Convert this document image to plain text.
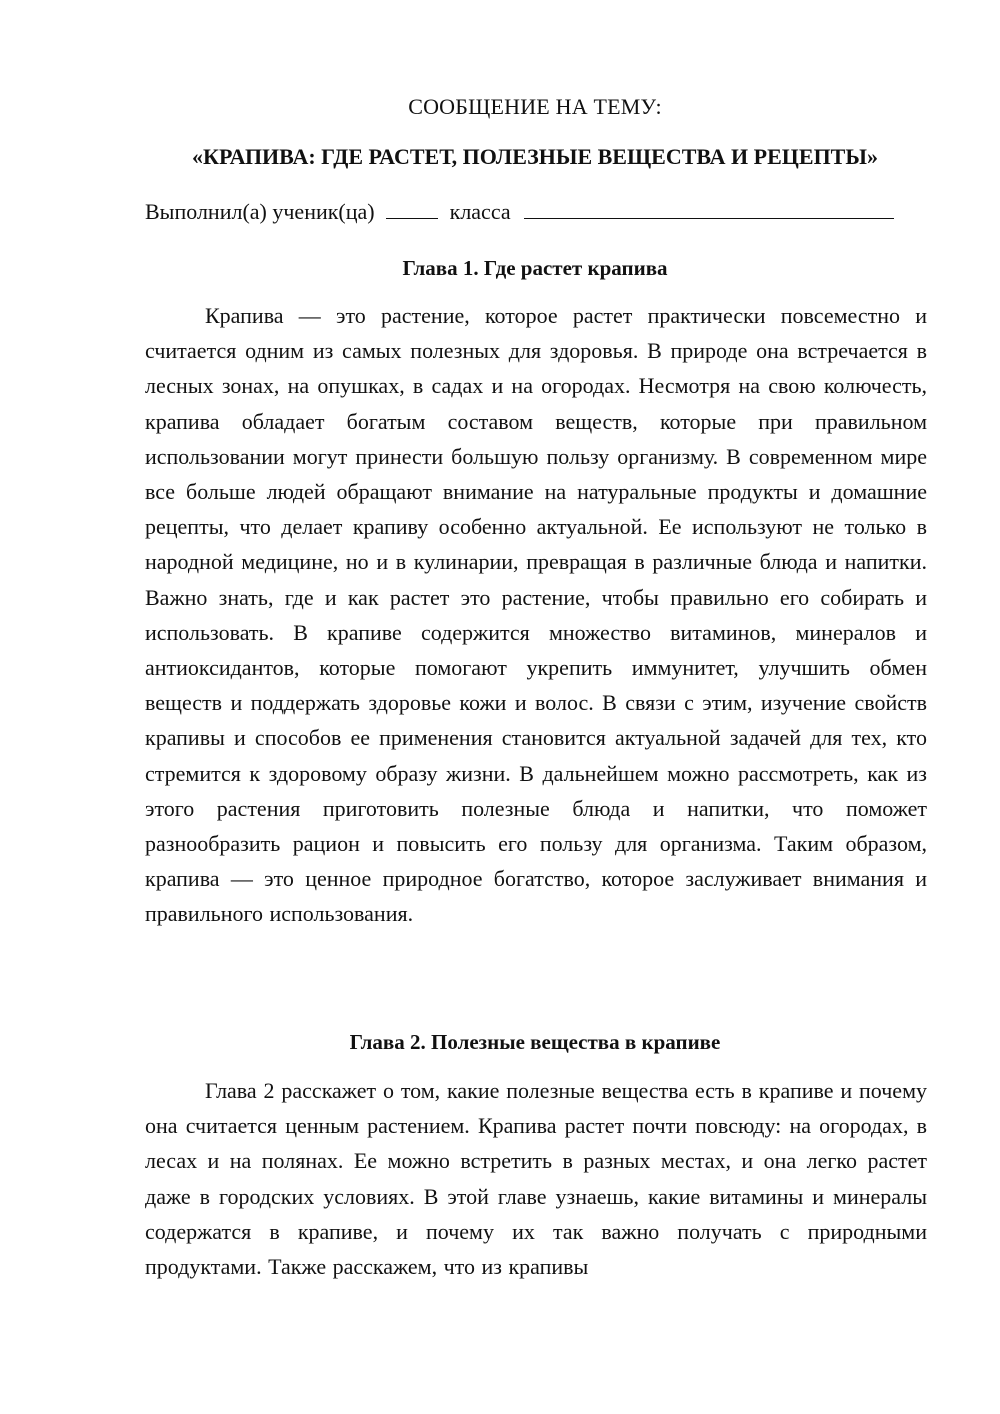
СООБЩЕНИЕ НА ТЕМУ:
«КРАПИВА: ГДЕ РАСТЕТ, ПОЛЕЗНЫЕ ВЕЩЕСТВА И РЕЦЕПТЫ»
Выполнил(а) ученик(ца)	класса
Глава 1. Где растет крапива

Крапива — это растение, которое растет практически повсеместно и считается одним из самых полезных для здоровья. В природе она встречается в лесных зонах, на опушках, в садах и на огородах. Несмотря на свою колючесть, крапива обладает богатым составом веществ, которые при правильном использовании могут принести большую пользу организму. В современном мире все больше людей обращают внимание на натуральные продукты и домашние рецепты, что делает крапиву особенно актуальной. Ее используют не только в народной медицине, но и в кулинарии, превращая в различные блюда и напитки. Важно знать, где и как растет это растение, чтобы правильно его собирать и использовать. В крапиве содержится множество витаминов, минералов и антиоксидантов, которые помогают укрепить иммунитет, улучшить обмен веществ и поддержать здоровье кожи и волос. В связи с этим, изучение свойств крапивы и способов ее применения становится актуальной задачей для тех, кто стремится к здоровому образу жизни. В дальнейшем можно рассмотреть, как из этого растения приготовить полезные блюда и напитки, что поможет разнообразить рацион и повысить его пользу для организма. Таким образом, крапива — это ценное природное богатство, которое заслуживает внимания и правильного использования.

Глава 2. Полезные вещества в крапиве

Глава 2 расскажет о том, какие полезные вещества есть в крапиве и почему она считается ценным растением. Крапива растет почти повсюду: на огородах, в лесах и на полянах. Ее можно встретить в разных местах, и она легко растет даже в городских условиях. В этой главе узнаешь, какие витамины и минералы содержатся в крапиве, и почему их так важно получать с природными продуктами. Также расскажем, что из крапивы
